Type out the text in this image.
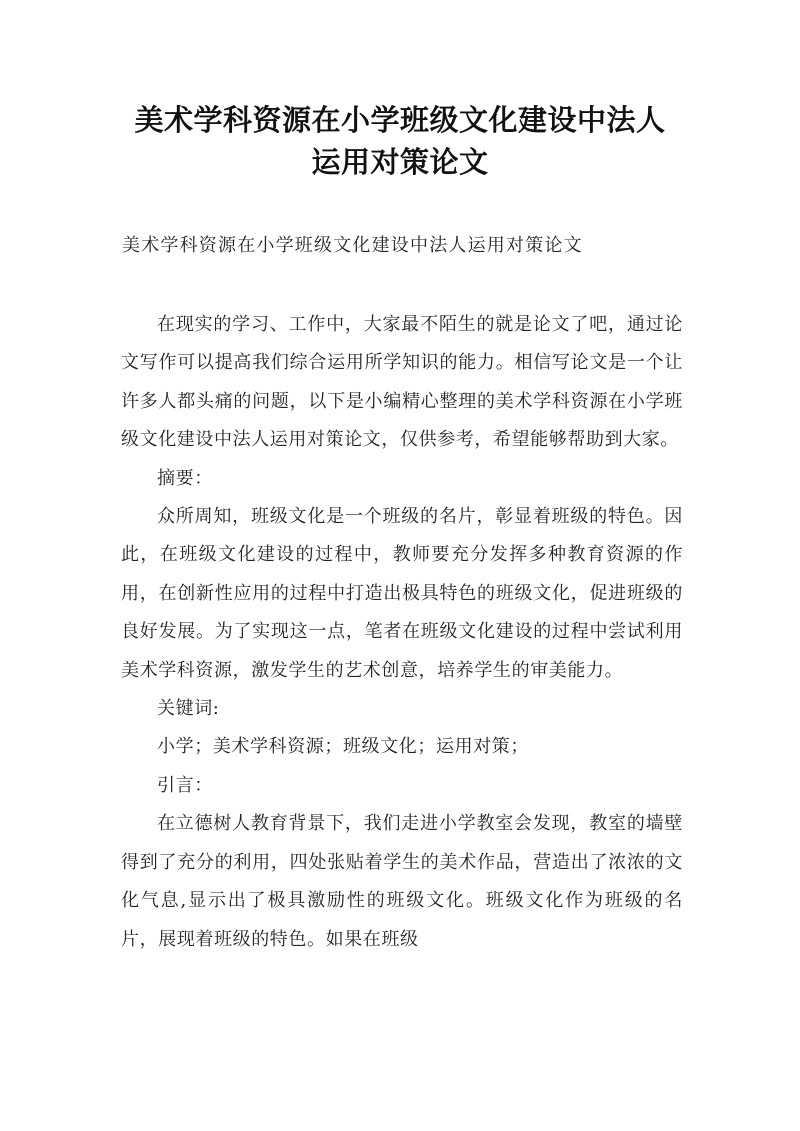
美术学科资源在小学班级文化建设中法人
运用对策论文
美术学科资源在小学班级文化建设中法人运用对策论文

在现实的学习、工作中，大家最不陌生的就是论文了吧，通过论文写作可以提高我们综合运用所学知识的能力。相信写论文是一个让许多人都头痛的问题，以下是小编精心整理的美术学科资源在小学班级文化建设中法人运用对策论文，仅供参考，希望能够帮助到大家。

摘要：

众所周知，班级文化是一个班级的名片，彰显着班级的特色。因此，在班级文化建设的过程中，教师要充分发挥多种教育资源的作用，在创新性应用的过程中打造出极具特色的班级文化，促进班级的良好发展。为了实现这一点，笔者在班级文化建设的过程中尝试利用美术学科资源，激发学生的艺术创意，培养学生的审美能力。

关键词:

小学；美术学科资源；班级文化；运用对策；

引言：

在立德树人教育背景下，我们走进小学教室会发现，教室的墙壁得到了充分的利用，四处张贴着学生的美术作品，营造出了浓浓的文化气息,显示出了极具激励性的班级文化。班级文化作为班级的名片，展现着班级的特色。如果在班级
